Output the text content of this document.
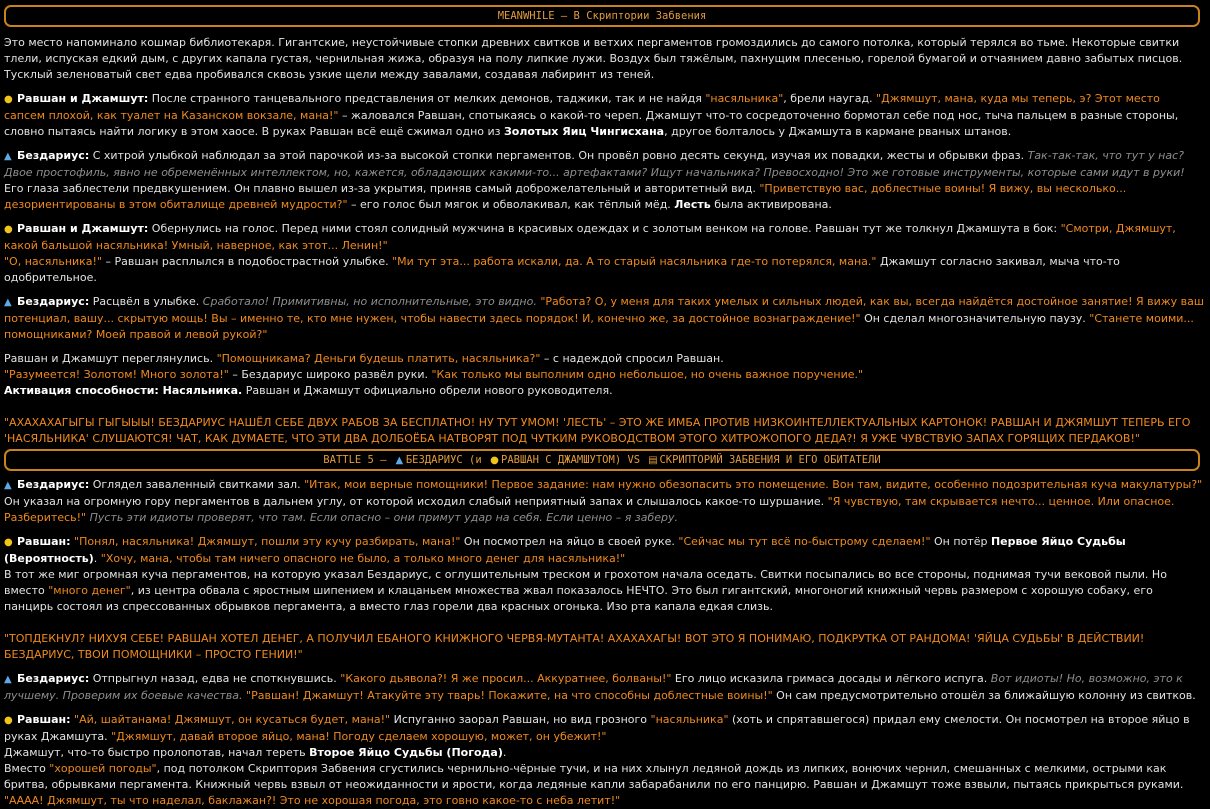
MEANWHILE – В Скриптории Забвения

Это место напоминало кошмар библиотекаря. Гигантские, неустойчивые стопки древних свитков и ветхих пергаментов громоздились до самого потолка, который терялся во тьме. Некоторые свитки тлели, испуская едкий дым, с других капала густая, чернильная жижа, образуя на полу липкие лужи. Воздух был тяжёлым, пахнущим плесенью, горелой бумагой и отчаянием давно забытых писцов. Тусклый зеленоватый свет едва пробивался сквозь узкие щели между завалами, создавая лабиринт из теней.

● Равшан и Джамшут: После странного танцевального представления от мелких демонов, таджики, так и не найдя "насяльника", брели наугад. "Джямшут, мана, куда мы теперь, э? Этот место сапсем плохой, как туалет на Казанском вокзале, мана!" – жаловался Равшан, спотыкаясь о какой-то череп. Джамшут что-то сосредоточенно бормотал себе под нос, тыча пальцем в разные стороны, словно пытаясь найти логику в этом хаосе. В руках Равшан всё ещё сжимал одно из Золотых Яиц Чингисхана, другое болталось у Джамшута в кармане рваных штанов.

▲ Бездариус: С хитрой улыбкой наблюдал за этой парочкой из-за высокой стопки пергаментов. Он провёл ровно десять секунд, изучая их повадки, жесты и обрывки фраз. Так-так-так, что тут у нас? Двое простофиль, явно не обременённых интеллектом, но, кажется, обладающих какими-то... артефактами? Ищут начальника? Превосходно! Это же готовые инструменты, которые сами идут в руки! Его глаза заблестели предвкушением. Он плавно вышел из-за укрытия, приняв самый доброжелательный и авторитетный вид. "Приветствую вас, доблестные воины! Я вижу, вы несколько... дезориентированы в этом обиталище древней мудрости?" – его голос был мягок и обволакивал, как тёплый мёд. Лесть была активирована.

● Равшан и Джамшут: Обернулись на голос. Перед ними стоял солидный мужчина в красивых одеждах и с золотым венком на голове. Равшан тут же толкнул Джамшута в бок: "Смотри, Джямшут, какой бальшой насяльника! Умный, наверное, как этот... Ленин!"

"О, насяльника!" – Равшан расплылся в подобострастной улыбке. "Ми тут эта... работа искали, да. А то старый насяльника где-то потерялся, мана." Джамшут согласно закивал, мыча что-то одобрительное.

▲ Бездариус: Расцвёл в улыбке. Сработало! Примитивны, но исполнительные, это видно. "Работа? О, у меня для таких умелых и сильных людей, как вы, всегда найдётся достойное занятие! Я вижу ваш потенциал, вашу... скрытую мощь! Вы – именно те, кто мне нужен, чтобы навести здесь порядок! И, конечно же, за достойное вознаграждение!" Он сделал многозначительную паузу. "Станете моими... помощниками? Моей правой и левой рукой?"

Равшан и Джамшут переглянулись. "Помощникама? Деньги будешь платить, насяльника?" – с надеждой спросил Равшан.

"Разумеется! Золотом! Много золота!" – Бездариус широко развёл руки. "Как только мы выполним одно небольшое, но очень важное поручение."

Активация способности: Насяльника. Равшан и Джамшут официально обрели нового руководителя.

"АХАХАХАГЫГЫ ГЫГЫЫЫ! БЕЗДАРИУС НАШЁЛ СЕБЕ ДВУХ РАБОВ ЗА БЕСПЛАТНО! НУ ТУТ УМОМ! 'ЛЕСТЬ' – ЭТО ЖЕ ИМБА ПРОТИВ НИЗКОИНТЕЛЛЕКТУАЛЬНЫХ КАРТОНОК! РАВШАН И ДЖЯМШУТ ТЕПЕРЬ ЕГО 'НАСЯЛЬНИКА' СЛУШАЮТСЯ! ЧАТ, КАК ДУМАЕТЕ, ЧТО ЭТИ ДВА ДОЛБОЁБА НАТВОРЯТ ПОД ЧУТКИМ РУКОВОДСТВОМ ЭТОГО ХИТРОЖОПОГО ДЕДА?! Я УЖЕ ЧУВСТВУЮ ЗАПАХ ГОРЯЩИХ ПЕРДАКОВ!"

BATTLE 5 – ▲ БЕЗДАРИУС (и ● РАВШАН С ДЖАМШУТОМ) VS ▤ СКРИПТОРИЙ ЗАБВЕНИЯ И ЕГО ОБИТАТЕЛИ

▲ Бездариус: Оглядел заваленный свитками зал. "Итак, мои верные помощники! Первое задание: нам нужно обезопасить это помещение. Вон там, видите, особенно подозрительная куча макулатуры?" Он указал на огромную гору пергаментов в дальнем углу, от которой исходил слабый неприятный запах и слышалось какое-то шуршание. "Я чувствую, там скрывается нечто... ценное. Или опасное. Разберитесь!" Пусть эти идиоты проверят, что там. Если опасно – они примут удар на себя. Если ценно – я заберу.

● Равшан: "Понял, насяльника! Джямшут, пошли эту кучу разбирать, мана!" Он посмотрел на яйцо в своей руке. "Сейчас мы тут всё по-быстрому сделаем!" Он потёр Первое Яйцо Судьбы (Вероятность). "Хочу, мана, чтобы там ничего опасного не было, а только много денег для насяльника!"

В тот же миг огромная куча пергаментов, на которую указал Бездариус, с оглушительным треском и грохотом начала оседать. Свитки посыпались во все стороны, поднимая тучи вековой пыли. Но вместо "много денег", из центра обвала с яростным шипением и клацаньем множества жвал показалось НЕЧТО. Это был гигантский, многоногий книжный червь размером с хорошую собаку, его панцирь состоял из спрессованных обрывков пергамента, а вместо глаз горели два красных огонька. Изо рта капала едкая слизь.

"ТОПДЕКНУЛ? НИХУЯ СЕБЕ! РАВШАН ХОТЕЛ ДЕНЕГ, А ПОЛУЧИЛ ЕБАНОГО КНИЖНОГО ЧЕРВЯ-МУТАНТА! АХАХАХАГЫ! ВОТ ЭТО Я ПОНИМАЮ, ПОДКРУТКА ОТ РАНДОМА! 'ЯЙЦА СУДЬБЫ' В ДЕЙСТВИИ! БЕЗДАРИУС, ТВОИ ПОМОЩНИКИ – ПРОСТО ГЕНИИ!"

▲ Бездариус: Отпрыгнул назад, едва не споткнувшись. "Какого дьявола?! Я же просил... Аккуратнее, болваны!" Его лицо исказила гримаса досады и лёгкого испуга. Вот идиоты! Но, возможно, это к лучшему. Проверим их боевые качества. "Равшан! Джамшут! Атакуйте эту тварь! Покажите, на что способны доблестные воины!" Он сам предусмотрительно отошёл за ближайшую колонну из свитков.

● Равшан: "Ай, шайтанама! Джямшут, он кусаться будет, мана!" Испуганно заорал Равшан, но вид грозного "насяльника" (хоть и спрятавшегося) придал ему смелости. Он посмотрел на второе яйцо в руках Джамшута. "Джямшут, давай второе яйцо, мана! Погоду сделаем хорошую, может, он убежит!"

Джамшут, что-то быстро пролопотав, начал тереть Второе Яйцо Судьбы (Погода).

Вместо "хорошей погоды", под потолком Скриптория Забвения сгустились чернильно-чёрные тучи, и на них хлынул ледяной дождь из липких, вонючих чернил, смешанных с мелкими, острыми как бритва, обрывками пергамента. Книжный червь взвыл от неожиданности и ярости, когда ледяные капли забарабанили по его панцирю. Равшан и Джамшут тоже взвыли, пытаясь прикрыться руками.

"АААА! Джямшут, ты что наделал, баклажан?! Это не хорошая погода, это говно какое-то с неба летит!"
